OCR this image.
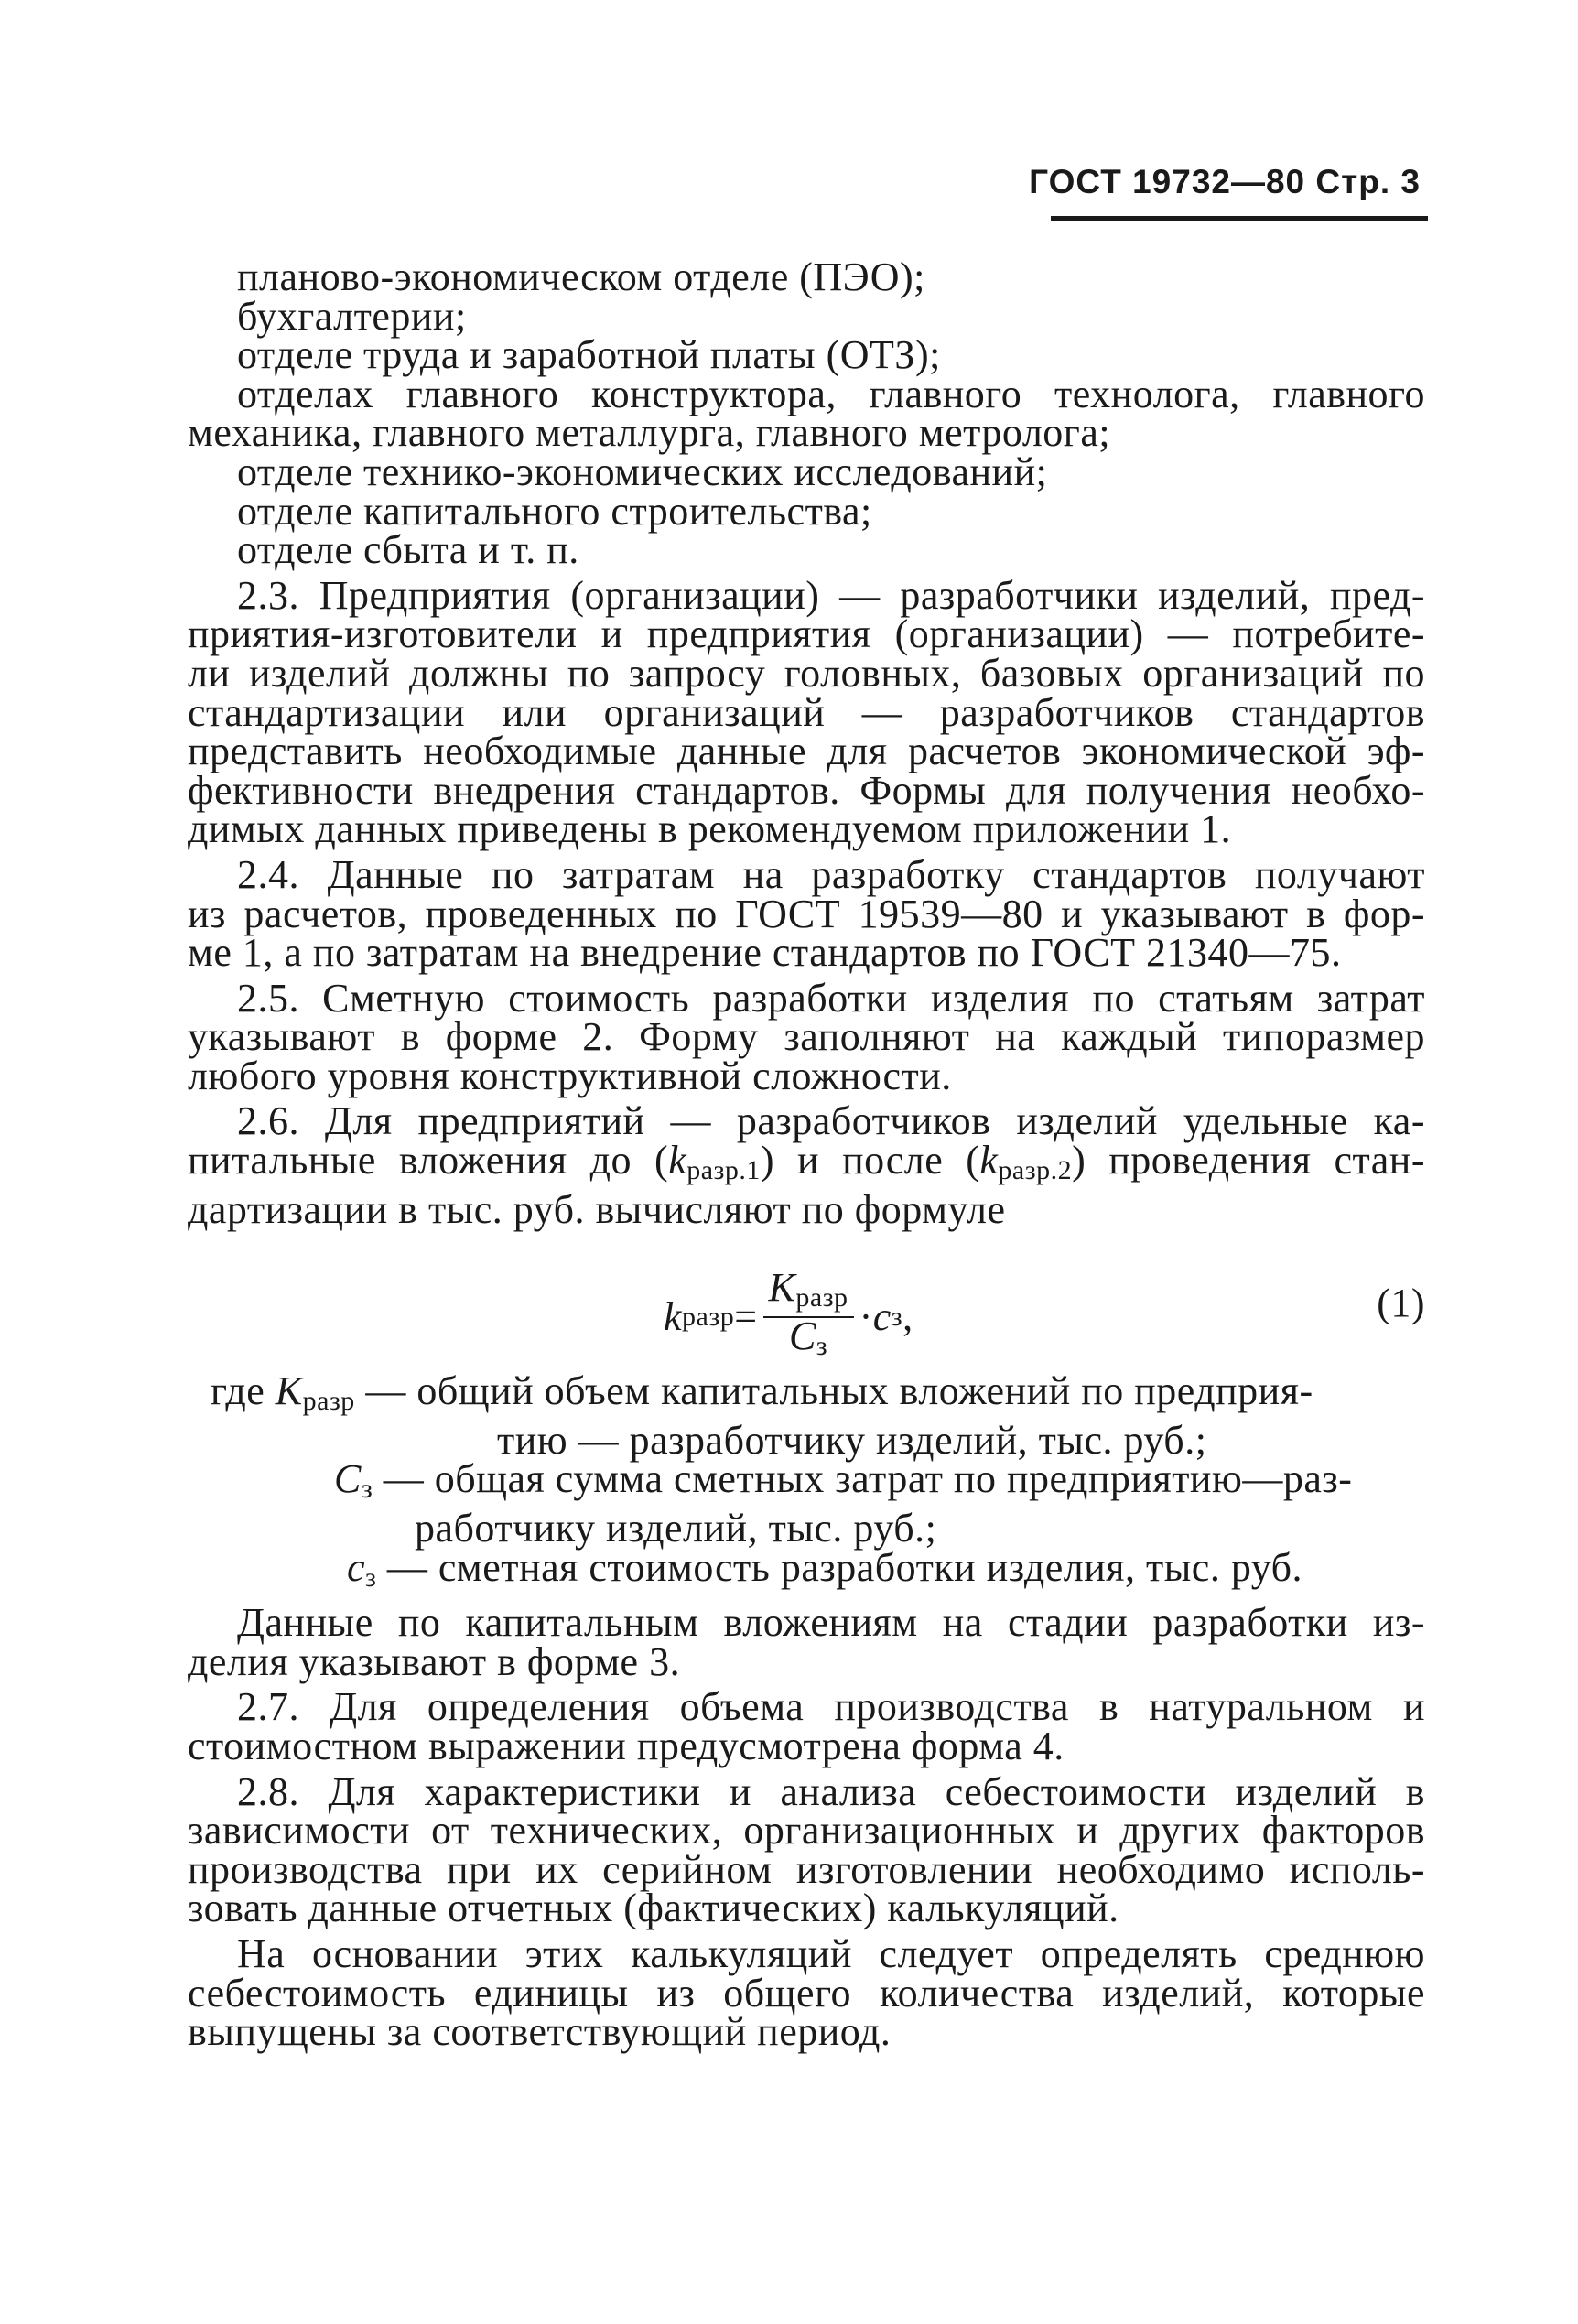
ГОСТ 19732—80 Стр. 3
планово-экономическом отделе (ПЭО);
бухгалтерии;
отделе труда и заработной платы (ОТЗ);
отделах главного конструктора, главного технолога, главного
механика, главного металлурга, главного метролога;
отделе технико-экономических исследований;
отделе капитального строительства;
отделе сбыта и т. п.
2.3. Предприятия (организации) — разработчики изделий, пред-
приятия-изготовители и предприятия (организации) — потребите-
ли изделий должны по запросу головных, базовых организаций по
стандартизации или организаций — разработчиков стандартов
представить необходимые данные для расчетов экономической эф-
фективности внедрения стандартов. Формы для получения необхо-
димых данных приведены в рекомендуемом приложении 1.
2.4. Данные по затратам на разработку стандартов получают
из расчетов, проведенных по ГОСТ 19539—80 и указывают в фор-
ме 1, а по затратам на внедрение стандартов по ГОСТ 21340—75.
2.5. Сметную стоимость разработки изделия по статьям затрат
указывают в форме 2. Форму заполняют на каждый типоразмер
любого уровня конструктивной сложности.
2.6. Для предприятий — разработчиков изделий удельные ка-
питальные вложения до $(k_{разр.1})$ и после $(k_{разр.2})$ проведения стан-
дартизации в тыс. руб. вычисляют по формуле
k разр = $\frac{K_{разр}}{C_з} \cdot c$ з ,	(1)
где $K_{разр}$ — общий объем капитальных вложений по предприя-
тию — разработчику изделий, тыс. руб.;
$C_з$ — общая сумма сметных затрат по предприятию—раз-
работчику изделий, тыс. руб.;
$c_з$ — сметная стоимость разработки изделия, тыс. руб.
Данные по капитальным вложениям на стадии разработки из-
делия указывают в форме 3.
2.7. Для определения объема производства в натуральном и
стоимостном выражении предусмотрена форма 4.
2.8. Для характеристики и анализа себестоимости изделий в
зависимости от технических, организационных и других факторов
производства при их серийном изготовлении необходимо исполь-
зовать данные отчетных (фактических) калькуляций.
На основании этих калькуляций следует определять среднюю
себестоимость единицы из общего количества изделий, которые
выпущены за соответствующий период.
